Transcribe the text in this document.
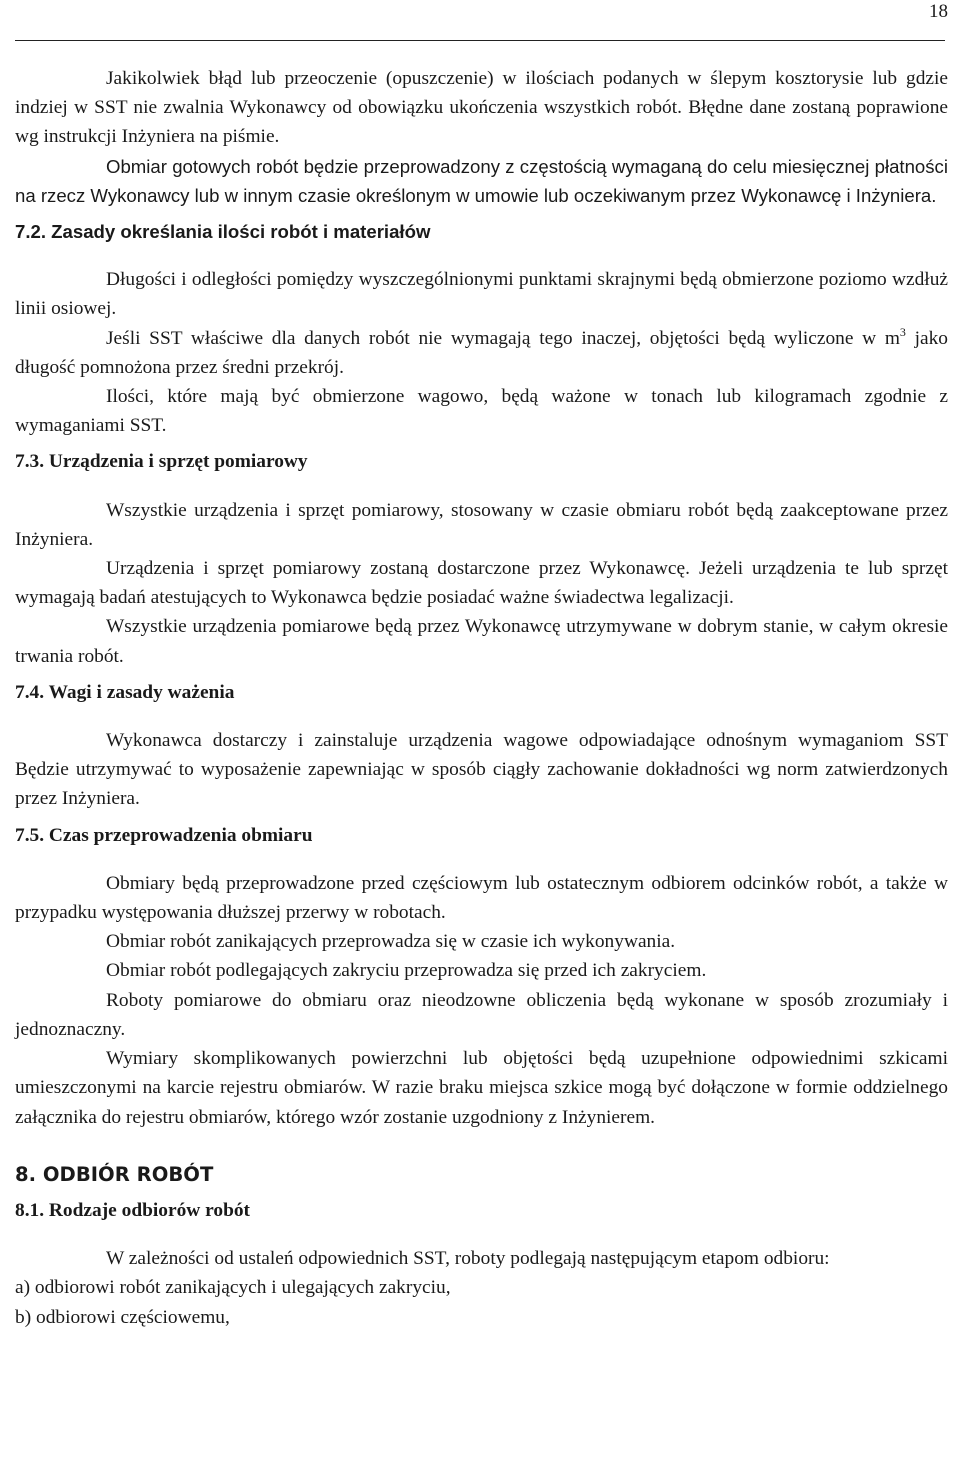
18

Jakikolwiek błąd lub przeoczenie (opuszczenie) w ilościach podanych w ślepym kosztorysie lub gdzie indziej w SST nie zwalnia Wykonawcy od obowiązku ukończenia wszystkich robót. Błędne dane zostaną poprawione wg instrukcji Inżyniera na piśmie.

Obmiar gotowych robót będzie przeprowadzony z częstością wymaganą do celu miesięcznej płatności na rzecz Wykonawcy lub w innym czasie określonym w umowie lub oczekiwanym przez Wykonawcę i Inżyniera.

7.2. Zasady określania ilości robót i materiałów

Długości i odległości pomiędzy wyszczególnionymi punktami skrajnymi będą obmierzone poziomo wzdłuż linii osiowej.

Jeśli SST właściwe dla danych robót nie wymagają tego inaczej, objętości będą wyliczone w $m^3$ jako długość pomnożona przez średni przekrój.

Ilości, które mają być obmierzone wagowo, będą ważone w tonach lub kilogramach zgodnie z wymaganiami SST.

7.3. Urządzenia i sprzęt pomiarowy

Wszystkie urządzenia i sprzęt pomiarowy, stosowany w czasie obmiaru robót będą zaakceptowane przez Inżyniera.

Urządzenia i sprzęt pomiarowy zostaną dostarczone przez Wykonawcę. Jeżeli urządzenia te lub sprzęt wymagają badań atestujących to Wykonawca będzie posiadać ważne świadectwa legalizacji.

Wszystkie urządzenia pomiarowe będą przez Wykonawcę utrzymywane w dobrym stanie, w całym okresie trwania robót.

7.4. Wagi i zasady ważenia

Wykonawca dostarczy i zainstaluje urządzenia wagowe odpowiadające odnośnym wymaganiom SST Będzie utrzymywać to wyposażenie zapewniając w sposób ciągły zachowanie dokładności wg norm zatwierdzonych przez Inżyniera.

7.5. Czas przeprowadzenia obmiaru

Obmiary będą przeprowadzone przed częściowym lub ostatecznym odbiorem odcinków robót, a także w przypadku występowania dłuższej przerwy w robotach.

Obmiar robót zanikających przeprowadza się w czasie ich wykonywania.

Obmiar robót podlegających zakryciu przeprowadza się przed ich zakryciem.

Roboty pomiarowe do obmiaru oraz nieodzowne obliczenia będą wykonane w sposób zrozumiały i jednoznaczny.

Wymiary skomplikowanych powierzchni lub objętości będą uzupełnione odpowiednimi szkicami umieszczonymi na karcie rejestru obmiarów. W razie braku miejsca szkice mogą być dołączone w formie oddzielnego załącznika do rejestru obmiarów, którego wzór zostanie uzgodniony z Inżynierem.

8. ODBIÓR ROBÓT
8.1. Rodzaje odbiorów robót

W zależności od ustaleń odpowiednich SST, roboty podlegają następującym etapom odbioru:

a) odbiorowi robót zanikających i ulegających zakryciu,
b) odbiorowi częściowemu,
